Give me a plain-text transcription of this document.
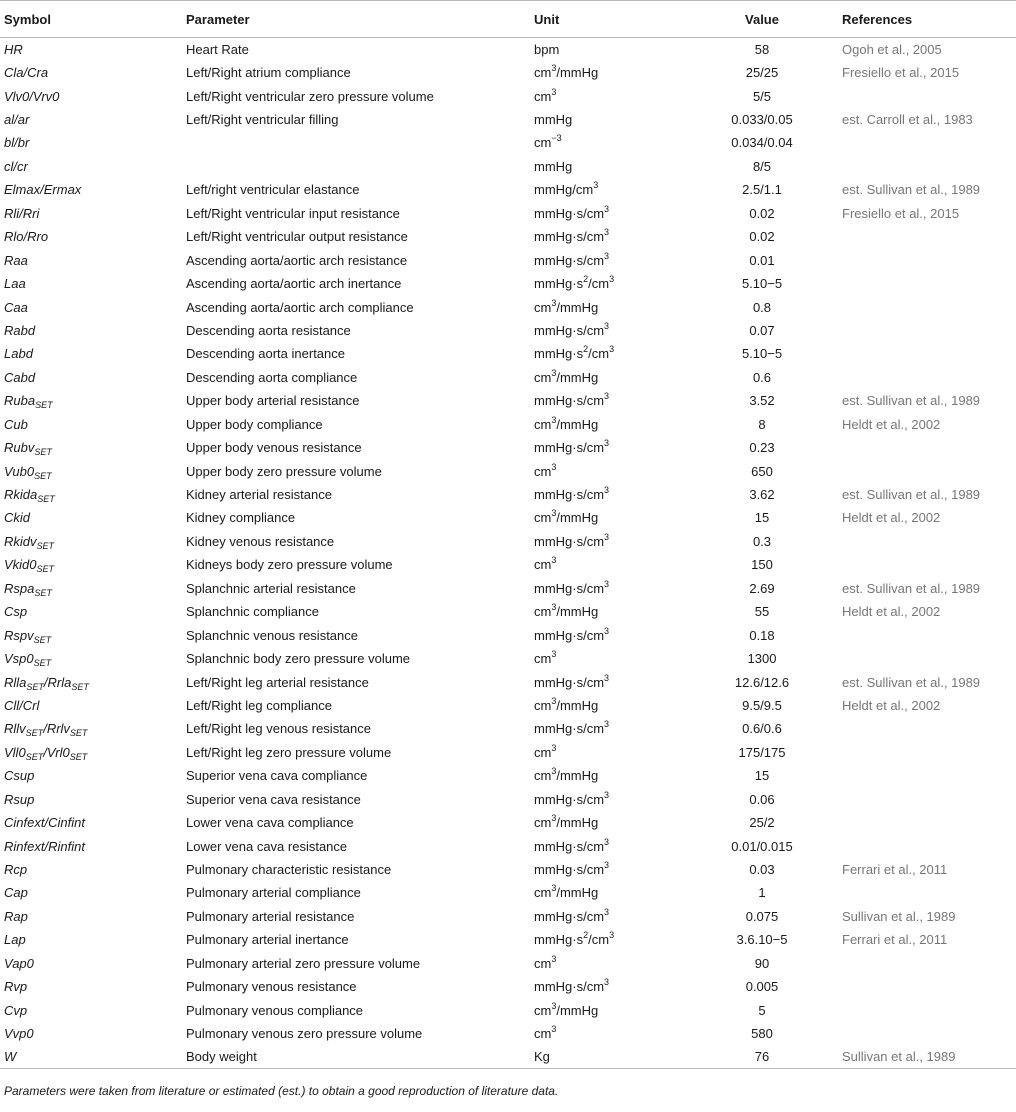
Symbol	Parameter	Unit	Value	References
HR	Heart Rate	bpm	58	Ogoh et al., 2005
Cla/Cra	Left/Right atrium compliance	$cm^3$/mmHg	25/25	Fresiello et al., 2015
Vlv0/Vrv0	Left/Right ventricular zero pressure volume	$cm^3$	5/5	
al/ar	Left/Right ventricular filling	mmHg	0.033/0.05	est. Carroll et al., 1983
bl/br		$cm^{-3}$	0.034/0.04	
cl/cr		mmHg	8/5	
Elmax/Ermax	Left/right ventricular elastance	mmHg/$cm^3$	2.5/1.1	est. Sullivan et al., 1989
Rli/Rri	Left/Right ventricular input resistance	$mmHg\cdot s/cm^3$	0.02	Fresiello et al., 2015
Rlo/Rro	Left/Right ventricular output resistance	$mmHg\cdot s/cm^3$	0.02	
Raa	Ascending aorta/aortic arch resistance	$mmHg\cdot s/cm^3$	0.01	
Laa	Ascending aorta/aortic arch inertance	$mmHg\cdot s^2/cm^3$	5.10−5	
Caa	Ascending aorta/aortic arch compliance	$cm^3$/mmHg	0.8	
Rabd	Descending aorta resistance	$mmHg\cdot s/cm^3$	0.07	
Labd	Descending aorta inertance	$mmHg\cdot s^2/cm^3$	5.10−5	
Cabd	Descending aorta compliance	$cm^3$/mmHg	0.6	
Ruba$_{SET}$	Upper body arterial resistance	$mmHg\cdot s/cm^3$	3.52	est. Sullivan et al., 1989
Cub	Upper body compliance	$cm^3$/mmHg	8	Heldt et al., 2002
Rubv$_{SET}$	Upper body venous resistance	$mmHg\cdot s/cm^3$	0.23	
$Vub0_{SET}$	Upper body zero pressure volume	$cm^3$	650	
Rkida$_{SET}$	Kidney arterial resistance	$mmHg\cdot s/cm^3$	3.62	est. Sullivan et al., 1989
Ckid	Kidney compliance	$cm^3$/mmHg	15	Heldt et al., 2002
Rkidv$_{SET}$	Kidney venous resistance	$mmHg\cdot s/cm^3$	0.3	
$Vkid0_{SET}$	Kidneys body zero pressure volume	$cm^3$	150	
Rspa$_{SET}$	Splanchnic arterial resistance	$mmHg\cdot s/cm^3$	2.69	est. Sullivan et al., 1989
Csp	Splanchnic compliance	$cm^3$/mmHg	55	Heldt et al., 2002
Rspv$_{SET}$	Splanchnic venous resistance	$mmHg\cdot s/cm^3$	0.18	
$Vsp0_{SET}$	Splanchnic body zero pressure volume	$cm^3$	1300	
Rlla$_{SET}$/Rrla$_{SET}$	Left/Right leg arterial resistance	$mmHg\cdot s/cm^3$	12.6/12.6	est. Sullivan et al., 1989
Cll/Crl	Left/Right leg compliance	$cm^3$/mmHg	9.5/9.5	Heldt et al., 2002
Rllv$_{SET}$/Rrlv$_{SET}$	Left/Right leg venous resistance	$mmHg\cdot s/cm^3$	0.6/0.6	
$Vll0_{SET}/Vrl0_{SET}$	Left/Right leg zero pressure volume	$cm^3$	175/175	
Csup	Superior vena cava compliance	$cm^3$/mmHg	15	
Rsup	Superior vena cava resistance	$mmHg\cdot s/cm^3$	0.06	
Cinfext/Cinfint	Lower vena cava compliance	$cm^3$/mmHg	25/2	
Rinfext/Rinfint	Lower vena cava resistance	$mmHg\cdot s/cm^3$	0.01/0.015	
Rcp	Pulmonary characteristic resistance	$mmHg\cdot s/cm^3$	0.03	Ferrari et al., 2011
Cap	Pulmonary arterial compliance	$cm^3$/mmHg	1	
Rap	Pulmonary arterial resistance	$mmHg\cdot s/cm^3$	0.075	Sullivan et al., 1989
Lap	Pulmonary arterial inertance	$mmHg\cdot s^2/cm^3$	3.6.10−5	Ferrari et al., 2011
Vap0	Pulmonary arterial zero pressure volume	$cm^3$	90	
Rvp	Pulmonary venous resistance	$mmHg\cdot s/cm^3$	0.005	
Cvp	Pulmonary venous compliance	$cm^3$/mmHg	5	
Vvp0	Pulmonary venous zero pressure volume	$cm^3$	580	
W	Body weight	Kg	76	Sullivan et al., 1989
Parameters were taken from literature or estimated (est.) to obtain a good reproduction of literature data.
